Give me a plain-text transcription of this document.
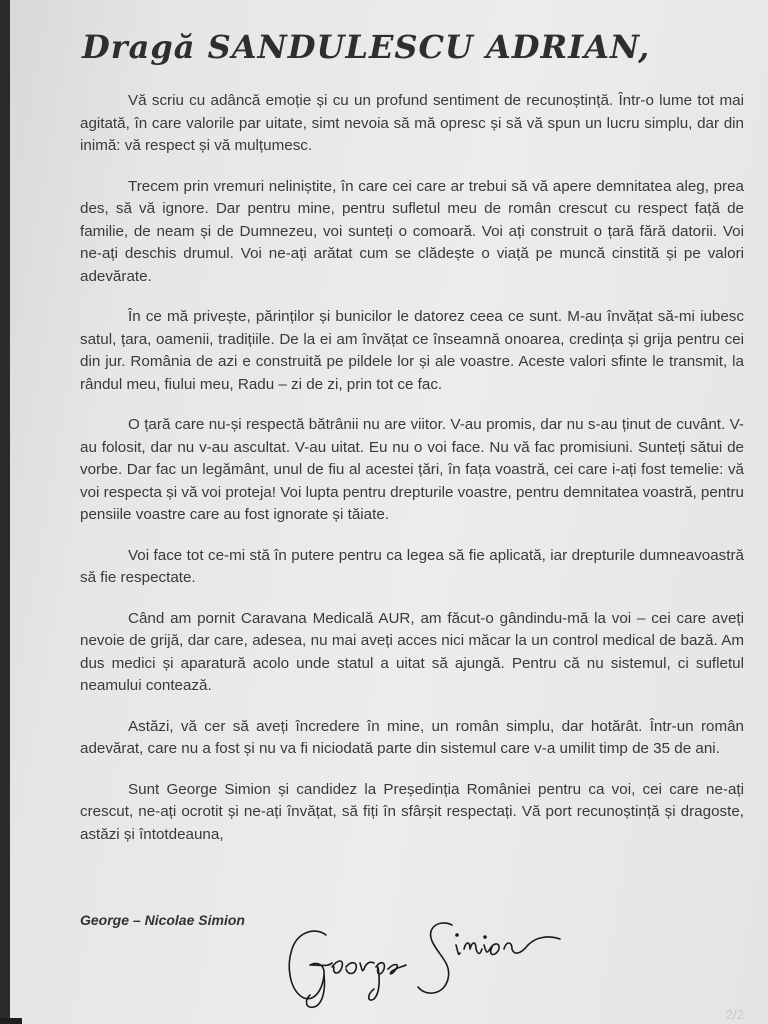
Dragă SANDULESCU ADRIAN,

Vă scriu cu adâncă emoție și cu un profund sentiment de recunoștință. Într-o lume tot mai agitată, în care valorile par uitate, simt nevoia să mă opresc și să vă spun un lucru simplu, dar din inimă: vă respect și vă mulțumesc.

Trecem prin vremuri neliniștite, în care cei care ar trebui să vă apere demnitatea aleg, prea des, să vă ignore. Dar pentru mine, pentru sufletul meu de român crescut cu respect față de familie, de neam și de Dumnezeu, voi sunteți o comoară. Voi ați construit o țară fără datorii. Voi ne-ați deschis drumul. Voi ne-ați arătat cum se clădește o viață pe muncă cinstită și pe valori adevărate.

În ce mă privește, părinților și bunicilor le datorez ceea ce sunt. M-au învățat să-mi iubesc satul, țara, oamenii, tradițiile. De la ei am învățat ce înseamnă onoarea, credința și grija pentru cei din jur. România de azi e construită pe pildele lor și ale voastre. Aceste valori sfinte le transmit, la rândul meu, fiului meu, Radu – zi de zi, prin tot ce fac.

O țară care nu-și respectă bătrânii nu are viitor. V-au promis, dar nu s-au ținut de cuvânt. V-au folosit, dar nu v-au ascultat. V-au uitat. Eu nu o voi face. Nu vă fac promisiuni. Sunteți sătui de vorbe. Dar fac un legământ, unul de fiu al acestei țări, în fața voastră, cei care i-ați fost temelie: vă voi respecta și vă voi proteja! Voi lupta pentru drepturile voastre, pentru demnitatea voastră, pentru pensiile voastre care au fost ignorate și tăiate.

Voi face tot ce-mi stă în putere pentru ca legea să fie aplicată, iar drepturile dumneavoastră să fie respectate.

Când am pornit Caravana Medicală AUR, am făcut-o gândindu-mă la voi – cei care aveți nevoie de grijă, dar care, adesea, nu mai aveți acces nici măcar la un control medical de bază. Am dus medici și aparatură acolo unde statul a uitat să ajungă. Pentru că nu sistemul, ci sufletul neamului contează.

Astăzi, vă cer să aveți încredere în mine, un român simplu, dar hotărât. Într-un român adevărat, care nu a fost și nu va fi niciodată parte din sistemul care v-a umilit timp de 35 de ani.

Sunt George Simion și candidez la Președinția României pentru ca voi, cei care ne-ați crescut, ne-ați ocrotit și ne-ați învățat, să fiți în sfârșit respectați. Vă port recunoștință și dragoste, astăzi și întotdeauna,

George – Nicolae Simion
2/2
